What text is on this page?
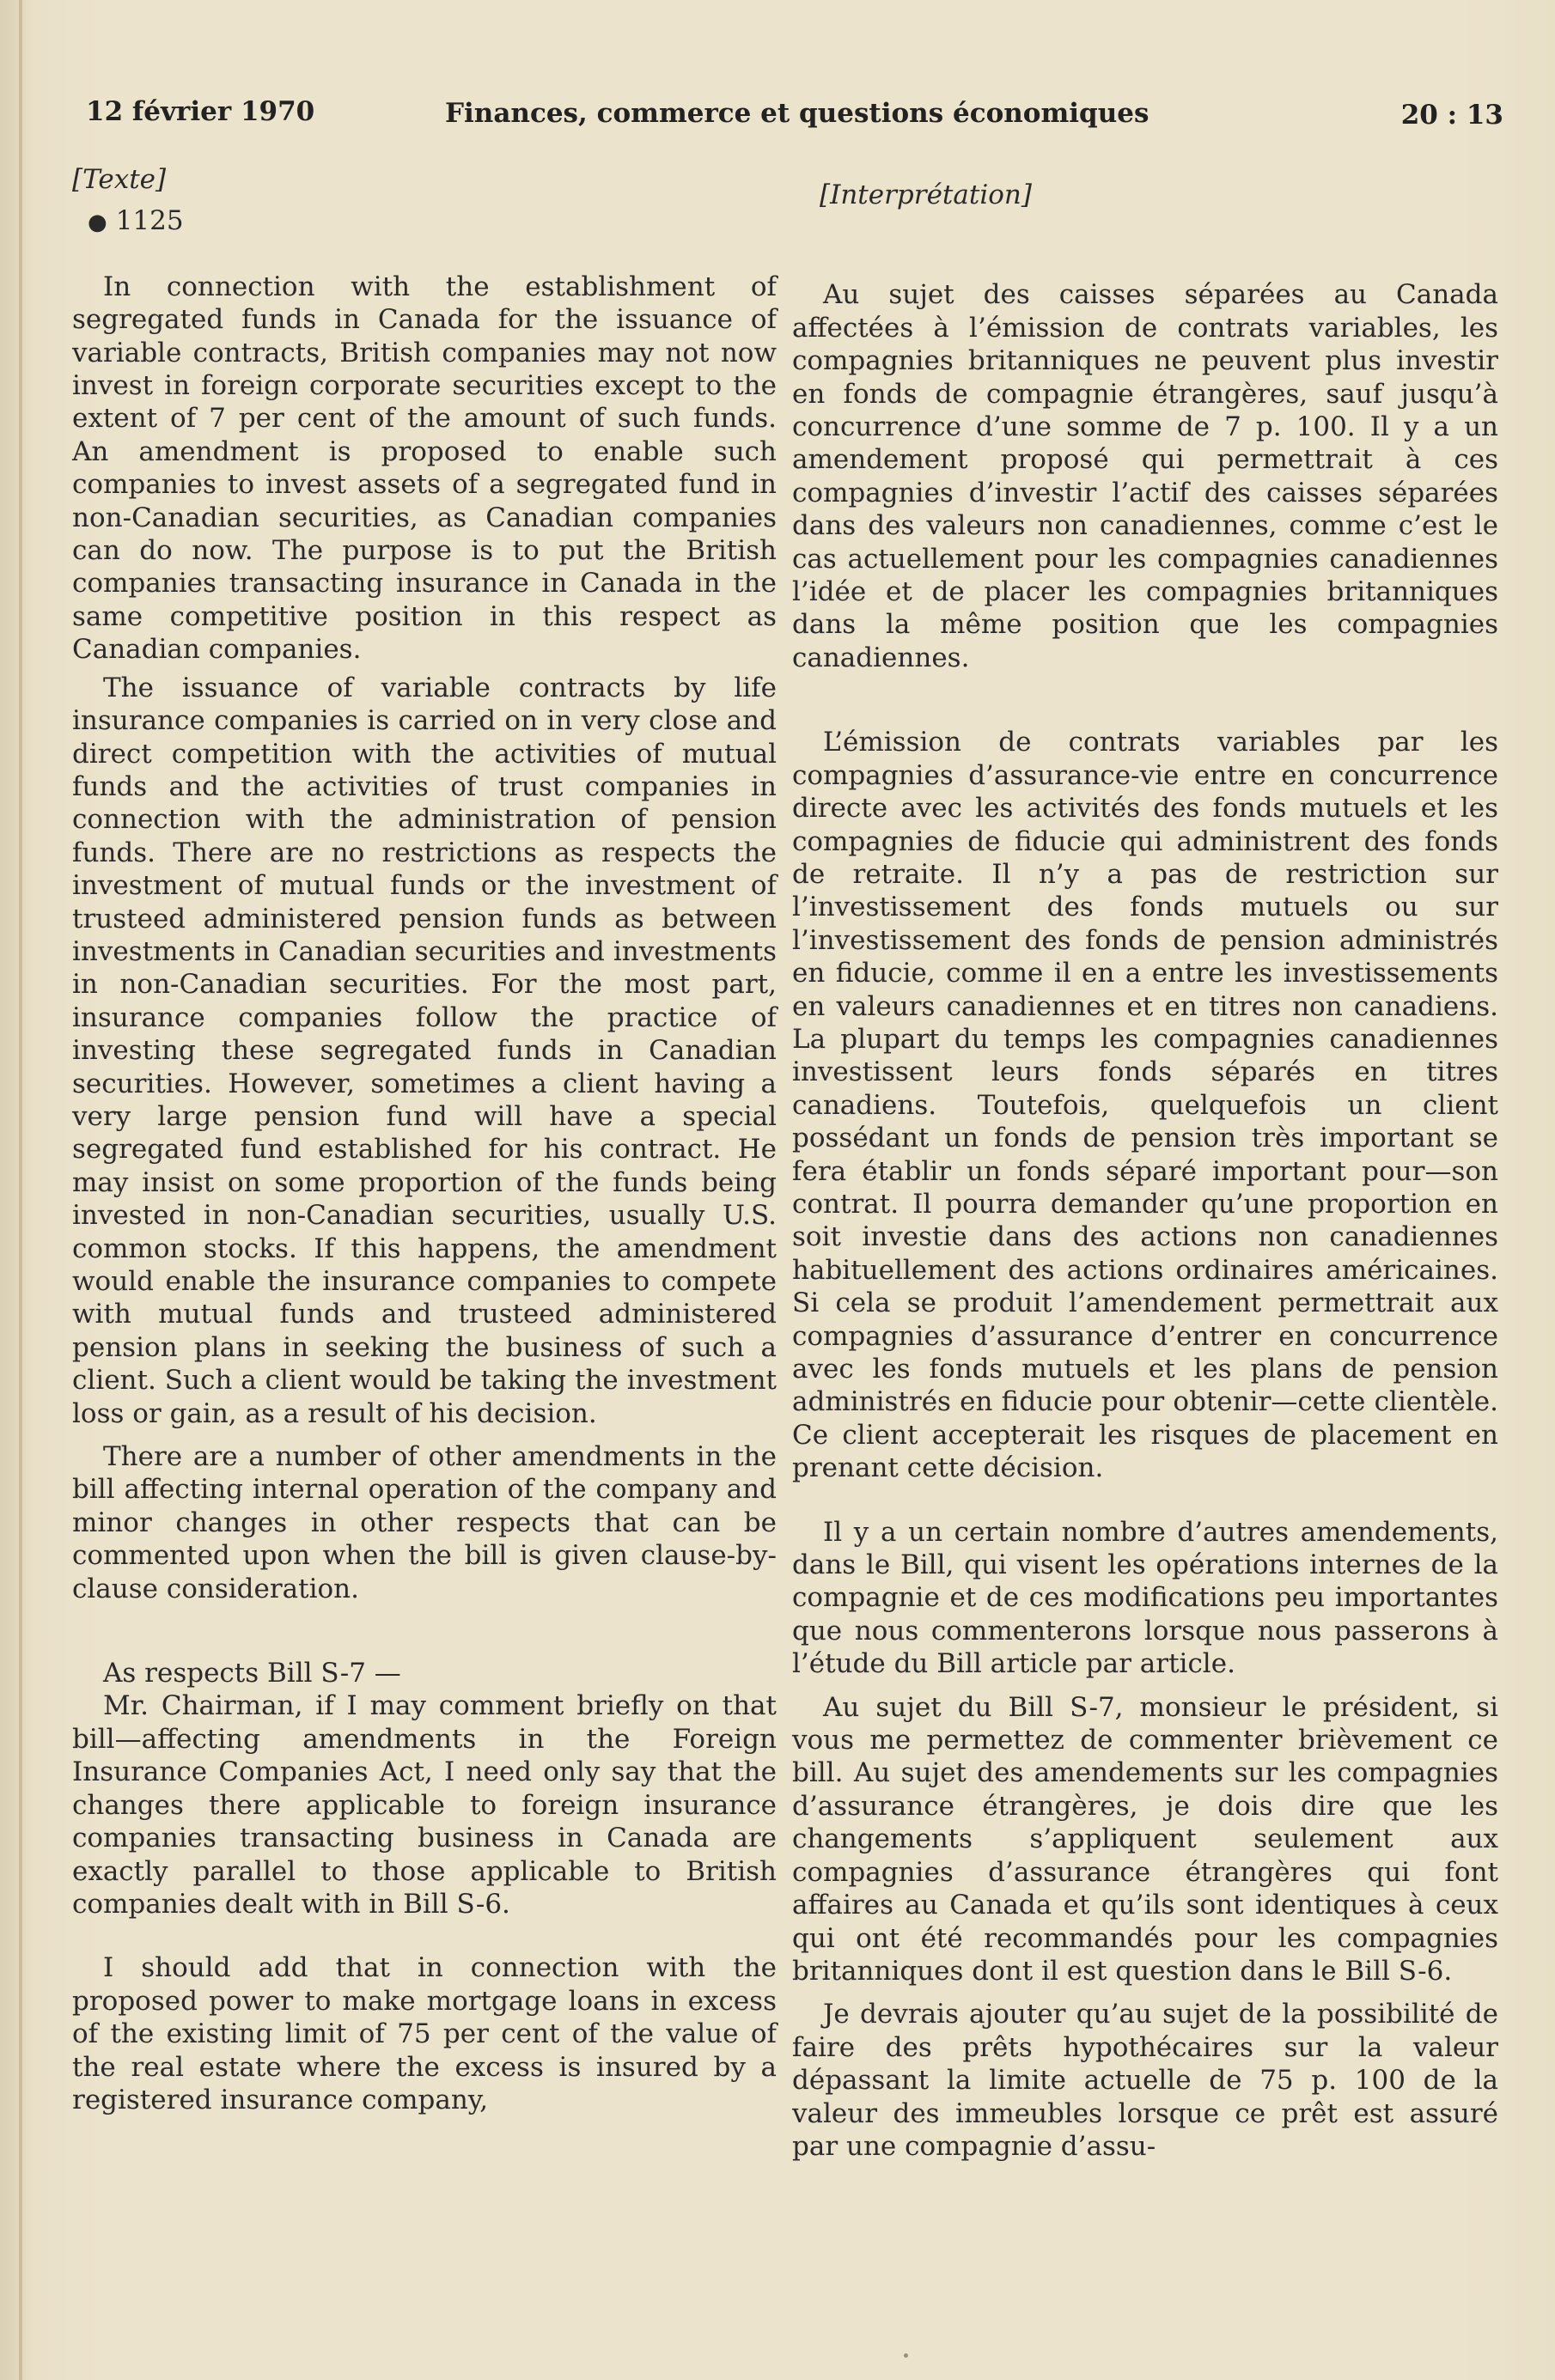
12 février 1970	Finances, commerce et questions économiques	20 : 13
[Texte]
● 1125

In connection with the establishment of segregated funds in Canada for the issuance of variable contracts, British companies may not now invest in foreign corporate securities except to the extent of 7 per cent of the amount of such funds. An amendment is proposed to enable such companies to invest assets of a segregated fund in non-Canadian securities, as Canadian companies can do now. The purpose is to put the British companies transacting insurance in Canada in the same competitive position in this respect as Canadian companies.

The issuance of variable contracts by life insurance companies is carried on in very close and direct competition with the activities of mutual funds and the activities of trust companies in connection with the administration of pension funds. There are no restrictions as respects the investment of mutual funds or the investment of trusteed administered pension funds as between investments in Canadian securities and investments in non-Canadian securities. For the most part, insurance companies follow the practice of investing these segregated funds in Canadian securities. However, sometimes a client having a very large pension fund will have a special segregated fund established for his contract. He may insist on some proportion of the funds being invested in non-Canadian securities, usually U.S. common stocks. If this happens, the amendment would enable the insurance companies to compete with mutual funds and trusteed administered pension plans in seeking the business of such a client. Such a client would be taking the investment loss or gain, as a result of his decision.

There are a number of other amendments in the bill affecting internal operation of the company and minor changes in other respects that can be commented upon when the bill is given clause-by-clause consideration.

As respects Bill S-7 —

Mr. Chairman, if I may comment briefly on that bill—affecting amendments in the Foreign Insurance Companies Act, I need only say that the changes there applicable to foreign insurance companies transacting business in Canada are exactly parallel to those applicable to British companies dealt with in Bill S-6.

I should add that in connection with the proposed power to make mortgage loans in excess of the existing limit of 75 per cent of the value of the real estate where the excess is insured by a registered insurance company,

[Interprétation]

Au sujet des caisses séparées au Canada affectées à l’émission de contrats variables, les compagnies britanniques ne peuvent plus investir en fonds de compagnie étrangères, sauf jusqu’à concurrence d’une somme de 7 p. 100. Il y a un amendement proposé qui permettrait à ces compagnies d’investir l’actif des caisses séparées dans des valeurs non canadiennes, comme c’est le cas actuellement pour les compagnies canadiennes l’idée et de placer les compagnies britanniques dans la même position que les compagnies canadiennes.

L’émission de contrats variables par les compagnies d’assurance-vie entre en concurrence directe avec les activités des fonds mutuels et les compagnies de fiducie qui administrent des fonds de retraite. Il n’y a pas de restriction sur l’investissement des fonds mutuels ou sur l’investissement des fonds de pension administrés en fiducie, comme il en a entre les investissements en valeurs canadiennes et en titres non canadiens. La plupart du temps les compagnies canadiennes investissent leurs fonds séparés en titres canadiens. Toutefois, quelquefois un client possédant un fonds de pension très important se fera établir un fonds séparé important pour—son contrat. Il pourra demander qu’une proportion en soit investie dans des actions non canadiennes habituellement des actions ordinaires américaines. Si cela se produit l’amendement permettrait aux compagnies d’assurance d’entrer en concurrence avec les fonds mutuels et les plans de pension administrés en fiducie pour obtenir—cette clientèle. Ce client accepterait les risques de placement en prenant cette décision.

Il y a un certain nombre d’autres amendements, dans le Bill, qui visent les opérations internes de la compagnie et de ces modifications peu importantes que nous commenterons lorsque nous passerons à l’étude du Bill article par article.

Au sujet du Bill S-7, monsieur le président, si vous me permettez de commenter brièvement ce bill. Au sujet des amendements sur les compagnies d’assurance étrangères, je dois dire que les changements s’appliquent seulement aux compagnies d’assurance étrangères qui font affaires au Canada et qu’ils sont identiques à ceux qui ont été recommandés pour les compagnies britanniques dont il est question dans le Bill S-6.

Je devrais ajouter qu’au sujet de la possibilité de faire des prêts hypothécaires sur la valeur dépassant la limite actuelle de 75 p. 100 de la valeur des immeubles lorsque ce prêt est assuré par une compagnie d’assu-
